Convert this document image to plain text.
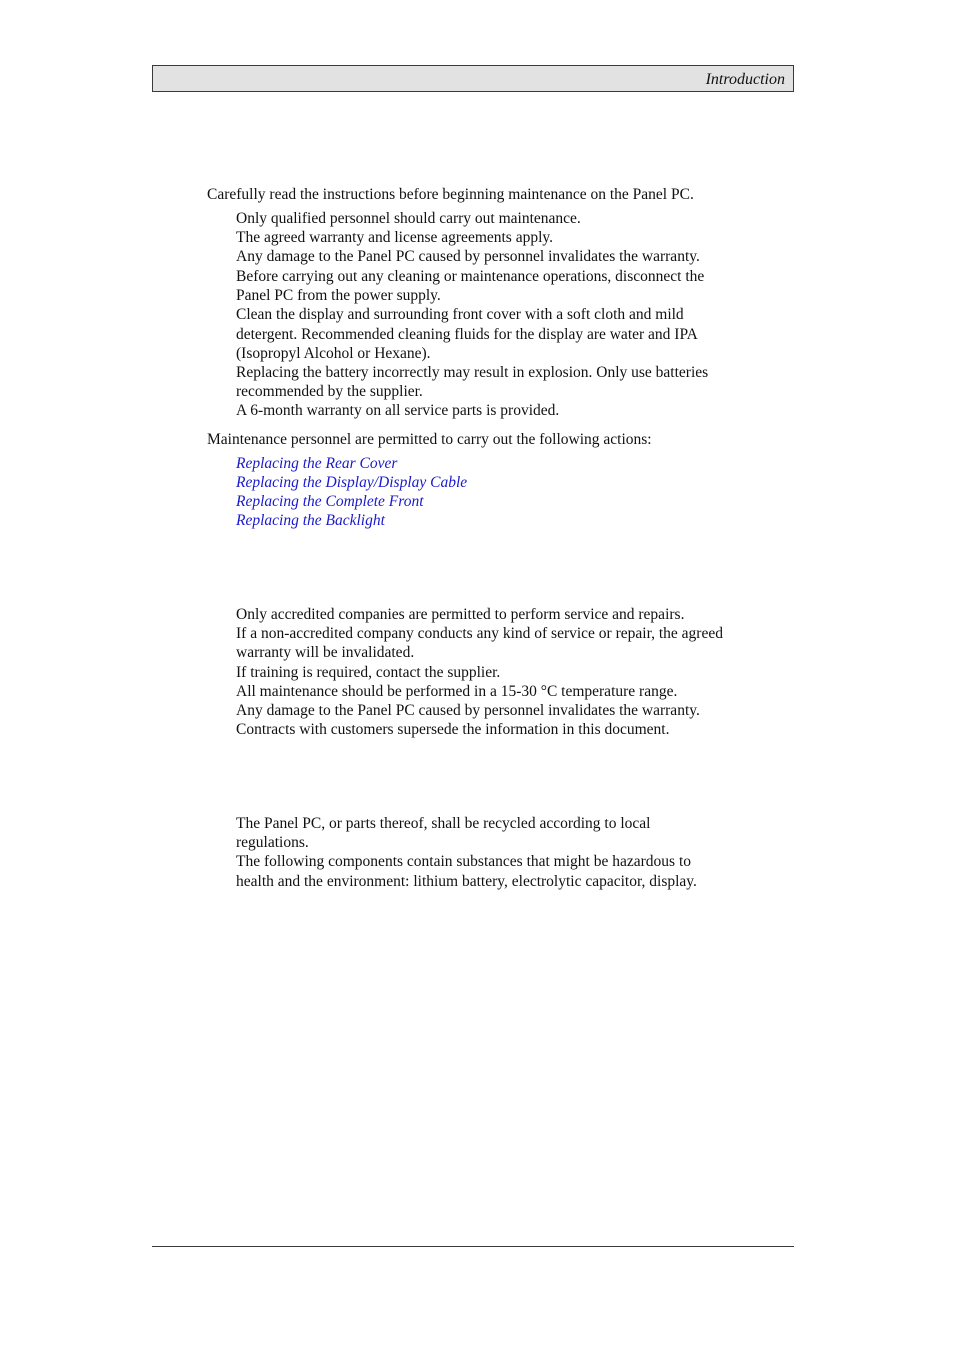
Introduction
Carefully read the instructions before beginning maintenance on the Panel PC.
Only qualified personnel should carry out maintenance.
The agreed warranty and license agreements apply.
Any damage to the Panel PC caused by personnel invalidates the warranty.
Before carrying out any cleaning or maintenance operations, disconnect the
Panel PC from the power supply.
Clean the display and surrounding front cover with a soft cloth and mild
detergent. Recommended cleaning fluids for the display are water and IPA
(Isopropyl Alcohol or Hexane).
Replacing the battery incorrectly may result in explosion. Only use batteries
recommended by the supplier.
A 6-month warranty on all service parts is provided.
Maintenance personnel are permitted to carry out the following actions:
Replacing the Rear Cover
Replacing the Display/Display Cable
Replacing the Complete Front
Replacing the Backlight
Only accredited companies are permitted to perform service and repairs.
If a non-accredited company conducts any kind of service or repair, the agreed
warranty will be invalidated.
If training is required, contact the supplier.
All maintenance should be performed in a 15-30 °C temperature range.
Any damage to the Panel PC caused by personnel invalidates the warranty.
Contracts with customers supersede the information in this document.
The Panel PC, or parts thereof, shall be recycled according to local
regulations.
The following components contain substances that might be hazardous to
health and the environment: lithium battery, electrolytic capacitor, display.
